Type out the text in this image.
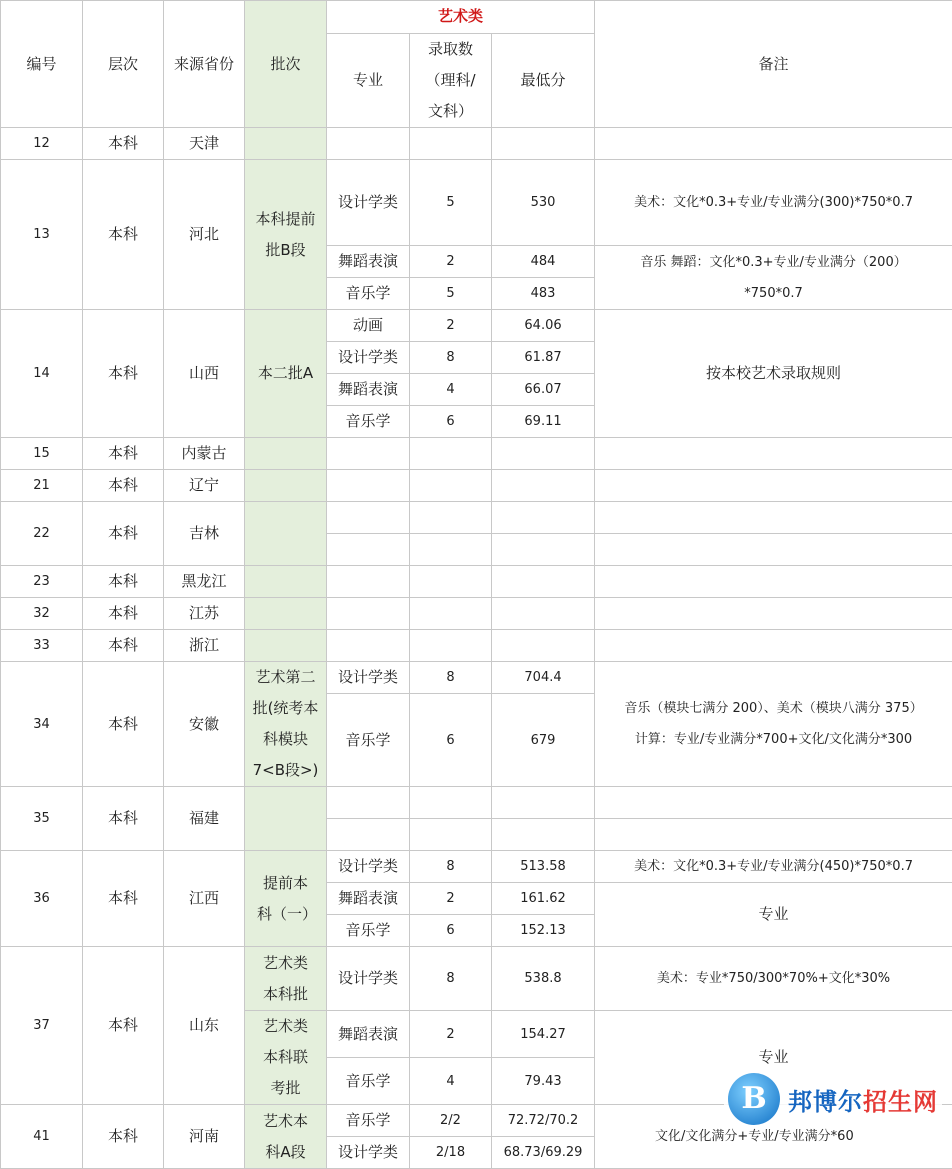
编号	层次	来源省份	批次	艺术类			备注
				专业	录取数（理科/文科）	最低分	
12	本科	天津					
13	本科	河北	本科提前批B段	设计学类	5	530	美术：文化*0.3+专业/专业满分(300)*750*0.7
				舞蹈表演	2	484	音乐 舞蹈：文化*0.3+专业/专业满分（200）*750*0.7
				音乐学	5	483	
14	本科	山西	本二批A	动画	2	64.06	按本校艺术录取规则
				设计学类	8	61.87	
				舞蹈表演	4	66.07	
				音乐学	6	69.11	
15	本科	内蒙古					
21	本科	辽宁					
22	本科	吉林					

23	本科	黑龙江					
32	本科	江苏					
33	本科	浙江					
34	本科	安徽	艺术第二批(统考本科模块7<B段>)	设计学类	8	704.4	音乐（模块七满分 200）、美术（模块八满分 375）
计算：专业/专业满分*700+文化/文化满分*300

				音乐学	6	679	
35	本科	福建					

36	本科	江西	提前本科（一）	设计学类	8	513.58	美术：文化*0.3+专业/专业满分(450)*750*0.7
				舞蹈表演	2	161.62	专业
				音乐学	6	152.13	
37	本科	山东	艺术类本科批	设计学类	8	538.8	美术：专业*750/300*70%+文化*30%
			艺术类本科联考批	舞蹈表演	2	154.27	专业
				音乐学	4	79.43	
41	本科	河南	艺术本科A段	音乐学	2/2	72.72/70.2	文化/文化满分+专业/专业满分*60
				设计学类	2/18	68.73/69.29	
B 邦博尔招生网
